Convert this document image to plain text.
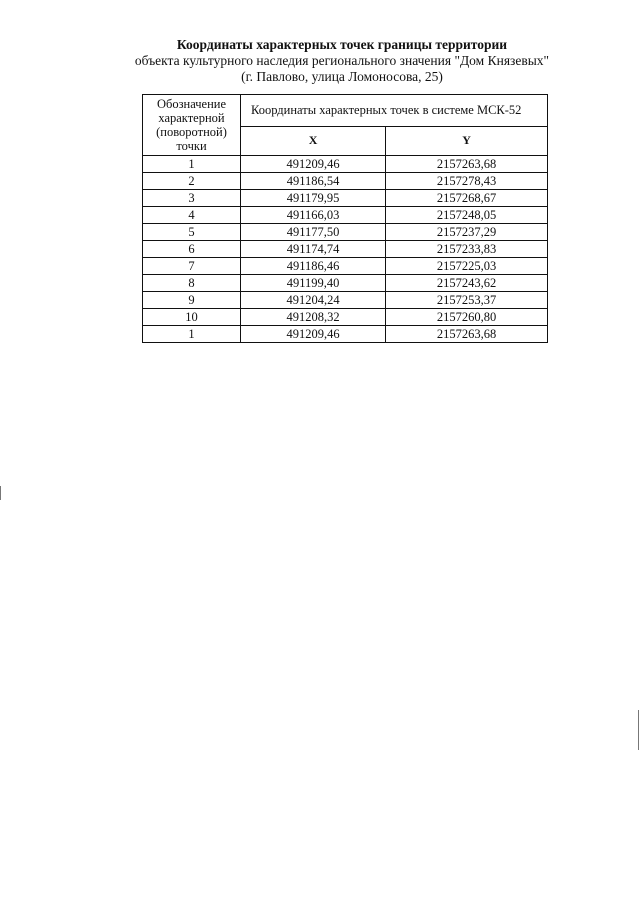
Координаты характерных точек границы территории
объекта культурного наследия регионального значения "Дом Князевых"
(г. Павлово, улица Ломоносова, 25)
Обозначение характерной (поворотной) точки	Координаты характерных точек в системе МСК-52	
	X	Y
1	491209,46	2157263,68
2	491186,54	2157278,43
3	491179,95	2157268,67
4	491166,03	2157248,05
5	491177,50	2157237,29
6	491174,74	2157233,83
7	491186,46	2157225,03
8	491199,40	2157243,62
9	491204,24	2157253,37
10	491208,32	2157260,80
1	491209,46	2157263,68
